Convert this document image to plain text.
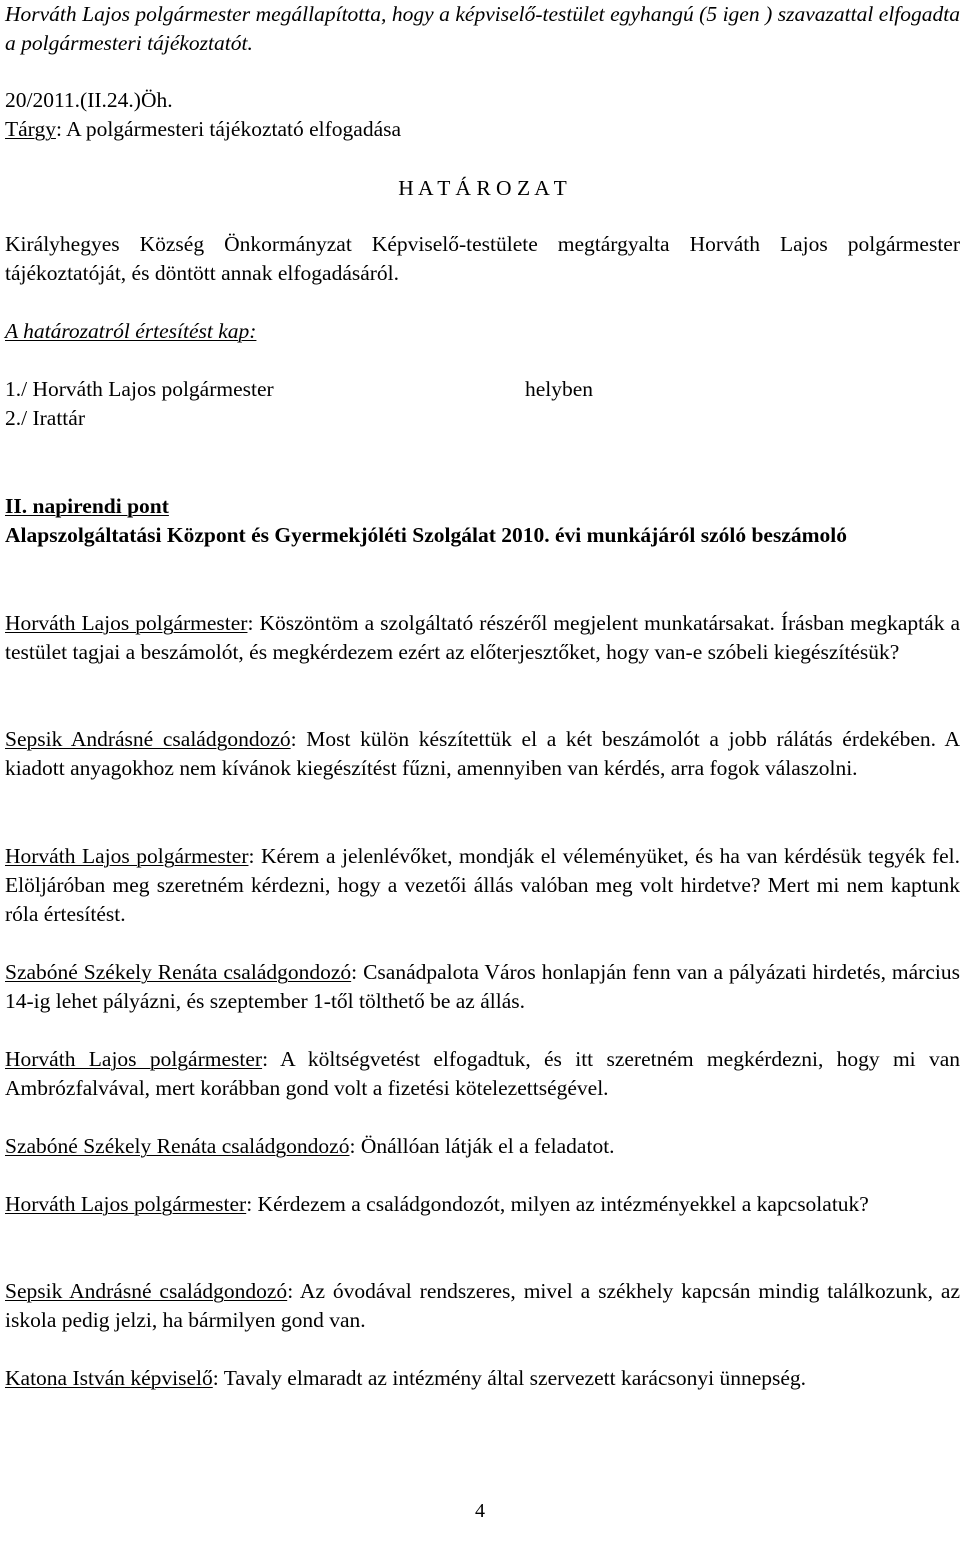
Horváth Lajos polgármester megállapította, hogy a képviselő-testület egyhangú (5 igen ) szavazattal elfogadta a polgármesteri tájékoztatót.

20/2011.(II.24.)Öh.

Tárgy: A polgármesteri tájékoztató elfogadása

H A T Á R O Z A T

Királyhegyes Község Önkormányzat Képviselő-testülete megtárgyalta Horváth Lajos polgármester tájékoztatóját, és döntött annak elfogadásáról.

A határozatról értesítést kap:

1./ Horváth Lajos polgármester	helyben
2./ Irattár

II. napirendi pont

Alapszolgáltatási Központ és Gyermekjóléti Szolgálat 2010. évi munkájáról szóló beszámoló

Horváth Lajos polgármester: Köszöntöm a szolgáltató részéről megjelent munkatársakat. Írásban megkapták a testület tagjai a beszámolót, és megkérdezem ezért az előterjesztőket, hogy van-e szóbeli kiegészítésük?

Sepsik Andrásné családgondozó: Most külön készítettük el a két beszámolót a jobb rálátás érdekében. A kiadott anyagokhoz nem kívánok kiegészítést fűzni, amennyiben van kérdés, arra fogok válaszolni.

Horváth Lajos polgármester: Kérem a jelenlévőket, mondják el véleményüket, és ha van kérdésük tegyék fel. Elöljáróban meg szeretném kérdezni, hogy a vezetői állás valóban meg volt hirdetve? Mert mi nem kaptunk róla értesítést.

Szabóné Székely Renáta családgondozó: Csanádpalota Város honlapján fenn van a pályázati hirdetés, március 14-ig lehet pályázni, és szeptember 1-től tölthető be az állás.

Horváth Lajos polgármester: A költségvetést elfogadtuk, és itt szeretném megkérdezni, hogy mi van Ambrózfalvával, mert korábban gond volt a fizetési kötelezettségével.

Szabóné Székely Renáta családgondozó: Önállóan látják el a feladatot.

Horváth Lajos polgármester: Kérdezem a családgondozót, milyen az intézményekkel a kapcsolatuk?

Sepsik Andrásné családgondozó: Az óvodával rendszeres, mivel a székhely kapcsán mindig találkozunk, az iskola pedig jelzi, ha bármilyen gond van.

Katona István képviselő: Tavaly elmaradt az intézmény által szervezett karácsonyi ünnepség.

4
